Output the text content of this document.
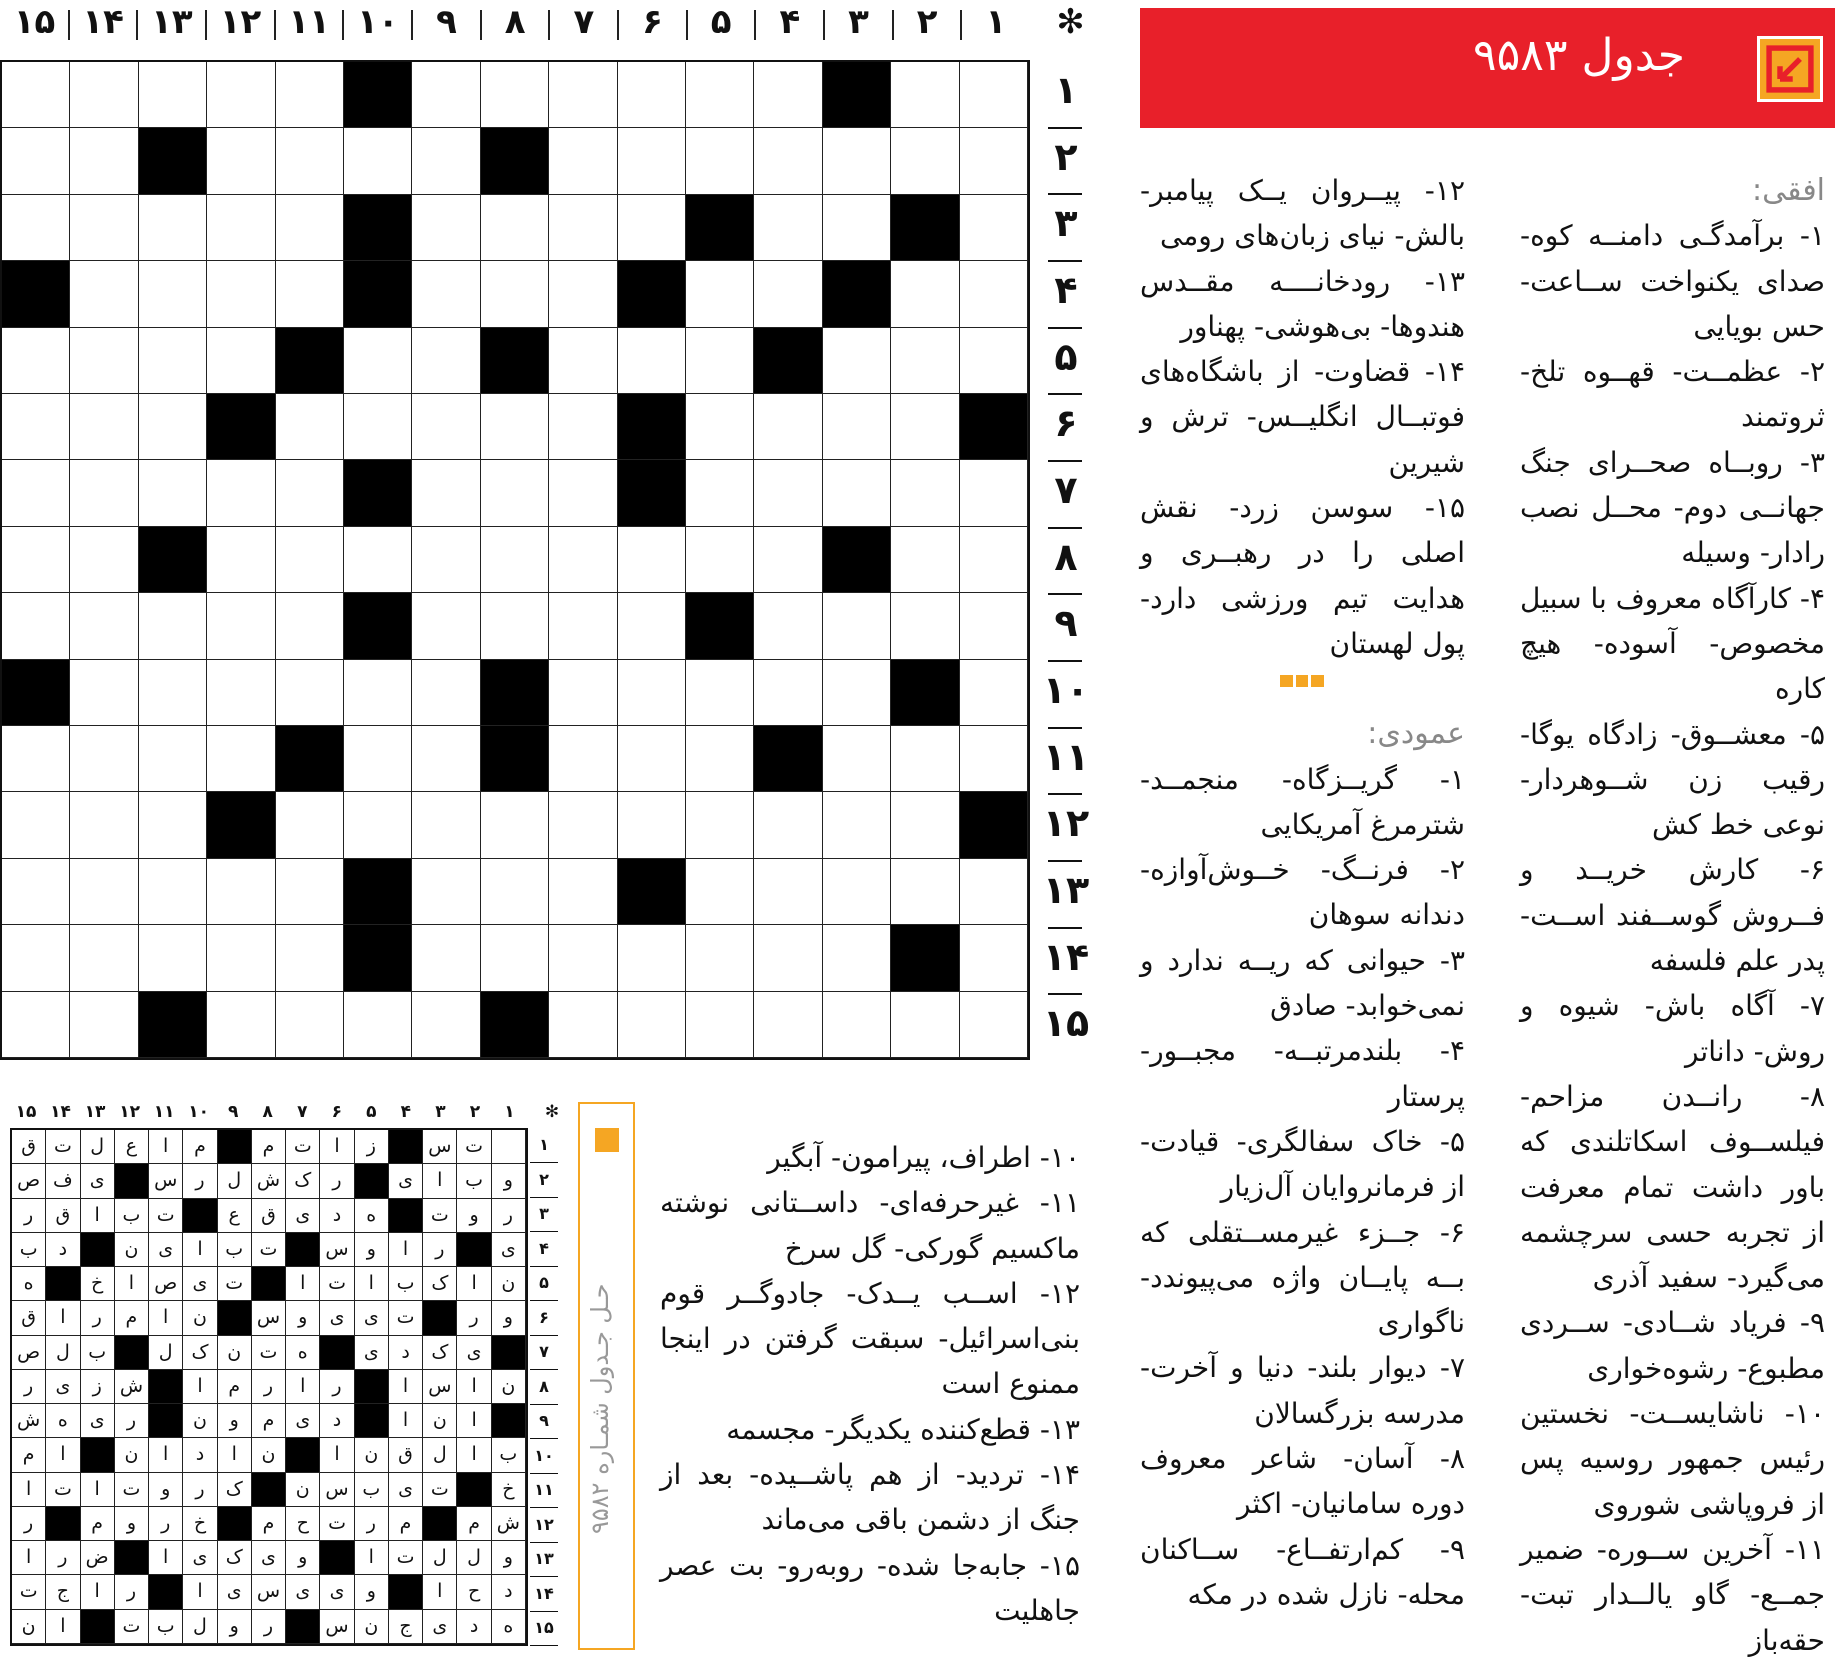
✻
۱
۲
۳
۴
۵
۶
۷
۸
۹
۱۰
۱۱
۱۲
۱۳
۱۴
۱۵
۱
۲
۳
۴
۵
۶
۷
۸
۹
۱۰
۱۱
۱۲
۱۳
۱۴
۱۵
جدول ۹۵۸۳

افقی:

۱- برآمدگـی دامنــه کوه- صدای یکنواخت ســاعت- حس بویایی

۲- عظمــت- قهــوه تلخ- ثروتمند

۳- روبــاه صحــرای جنگ جهانــی دوم- محــل نصب رادار- وسیله

۴- کارآگاه معروف با سبیل مخصوص- آسوده- هیچ کاره

۵- معشــوق- زادگاه یوگا- رقیب زن شــوهردار- نوعی خط کش

۶- کارش خریــد و فــروش گوســفند اســت- پدر علم فلسفه

۷- آگاه باش- شیوه و روش- داناتر

۸- رانــدن مزاحم- فیلســوف اسکاتلندی که باور داشت تمام معرفت از تجربه حسی سرچشمه می‌گیرد- سفید آذری

۹- فریاد شــادی- ســردی مطبوع- رشوه‌خواری

۱۰- ناشایســت- نخستین رئیس جمهور روسیه پس از فروپاشی شوروی

۱۱- آخرین ســوره- ضمیر جمــع- گاو یالــدار تبت- حقه‌باز

۱۲- پیــروان یــک پیامبر- بالش- نیای زبان‌های رومی

۱۳- رودخانــــه مقــدس هندوها- بی‌هوشی- پهناور

۱۴- قضاوت- از باشگاه‌های فوتبــال انگلیــس- ترش و شیرین

۱۵- سوسن زرد- نقش اصلی را در رهبــری و هدایت تیم ورزشی دارد- پول لهستان

عمودی:

۱- گریــزگاه- منجمــد- شترمرغ آمریکایی

۲- فرنــگ- خــوش‌آوازه- دندانه سوهان

۳- حیوانی که ریــه ندارد و نمی‌خوابد- صادق

۴- بلندمرتبــه- مجبــور- پرستار

۵- خاک سفالگری- قیادت- از فرمانروایان آل‌زیار

۶- جــزء غیرمســتقلی که بــه پایــان واژه می‌پیوندد- ناگواری

۷- دیوار بلند- دنیا و آخرت- مدرسه بزرگسالان

۸- آسان- شاعر معروف دوره سامانیان- اکثر

۹- کم‌ارتفــاع- ســاکنان محله- نازل شده در مکه

۱۰- اطراف، پیرامون- آبگیر

۱۱- غیرحرفه‌ای- داســتانی نوشته ماکسیم گورکی- گل سرخ

۱۲- اســب یــدک- جادوگــر قوم بنی‌اسرائیل- سبقت گرفتن در اینجا ممنوع است

۱۳- قطع‌کننده یکدیگر- مجسمه

۱۴- تردید- از هم پاشــیده- بعد از جنگ از دشمن باقی می‌ماند

۱۵- جابه‌جا شده- روبه‌رو- بت عصر جاهلیت

حـل جـدول شمـاره ۹۵۸۲
✻
۱
۲
۳
۴
۵
۶
۷
۸
۹
۱۰
۱۱
۱۲
۱۳
۱۴
۱۵
ق ت ل	ع	ا	م	م	ت	ا	ز	س ت
ص ف ی	س ر	ل ش ک	ر	ی	ا	ب	و
ر	ق	ا	ب ت	ع	ق	ی	د	ه	ت	و	ر
ب	د	ن	ی	ا	ب ت	س و	ا	ر	ی
ه	خ	ا	ص ی ت	ا	ت	ا	ب ک	ا	ن
ق	ا	ر	م	ا	ن	س و	ی	ی ت	ر	و
ص ل ب	ل ک ن ت	ه	ی	د	ک ی
ر	ی	ز ش	ا	م	ر	ا	ر	ا	س	ا	ن
ش ه	ی	ر	ن	و	م	ی	د	ا	ن	ا
م	ا	ن	ا	د	ا	ن	ا	ن	ق	ل	ا	ب
ا	ت	ا	ت	و	ر	ک	ن س ب ی ت	خ
ر	م	و	ر	خ	م	ح	ت	ر	م	م ش
ا	ر ض	ا	ی ک ی	و	ا	ت ل	ل	و
ت	ج	ا	ر	ا	ی س ی	ی	و	ا	ح	د
ن	ا	ت ب ل	و	ر	س ن	ج	ی	د	ه
۱
۲
۳
۴
۵
۶
۷
۸
۹
۱۰
۱۱
۱۲
۱۳
۱۴
۱۵
